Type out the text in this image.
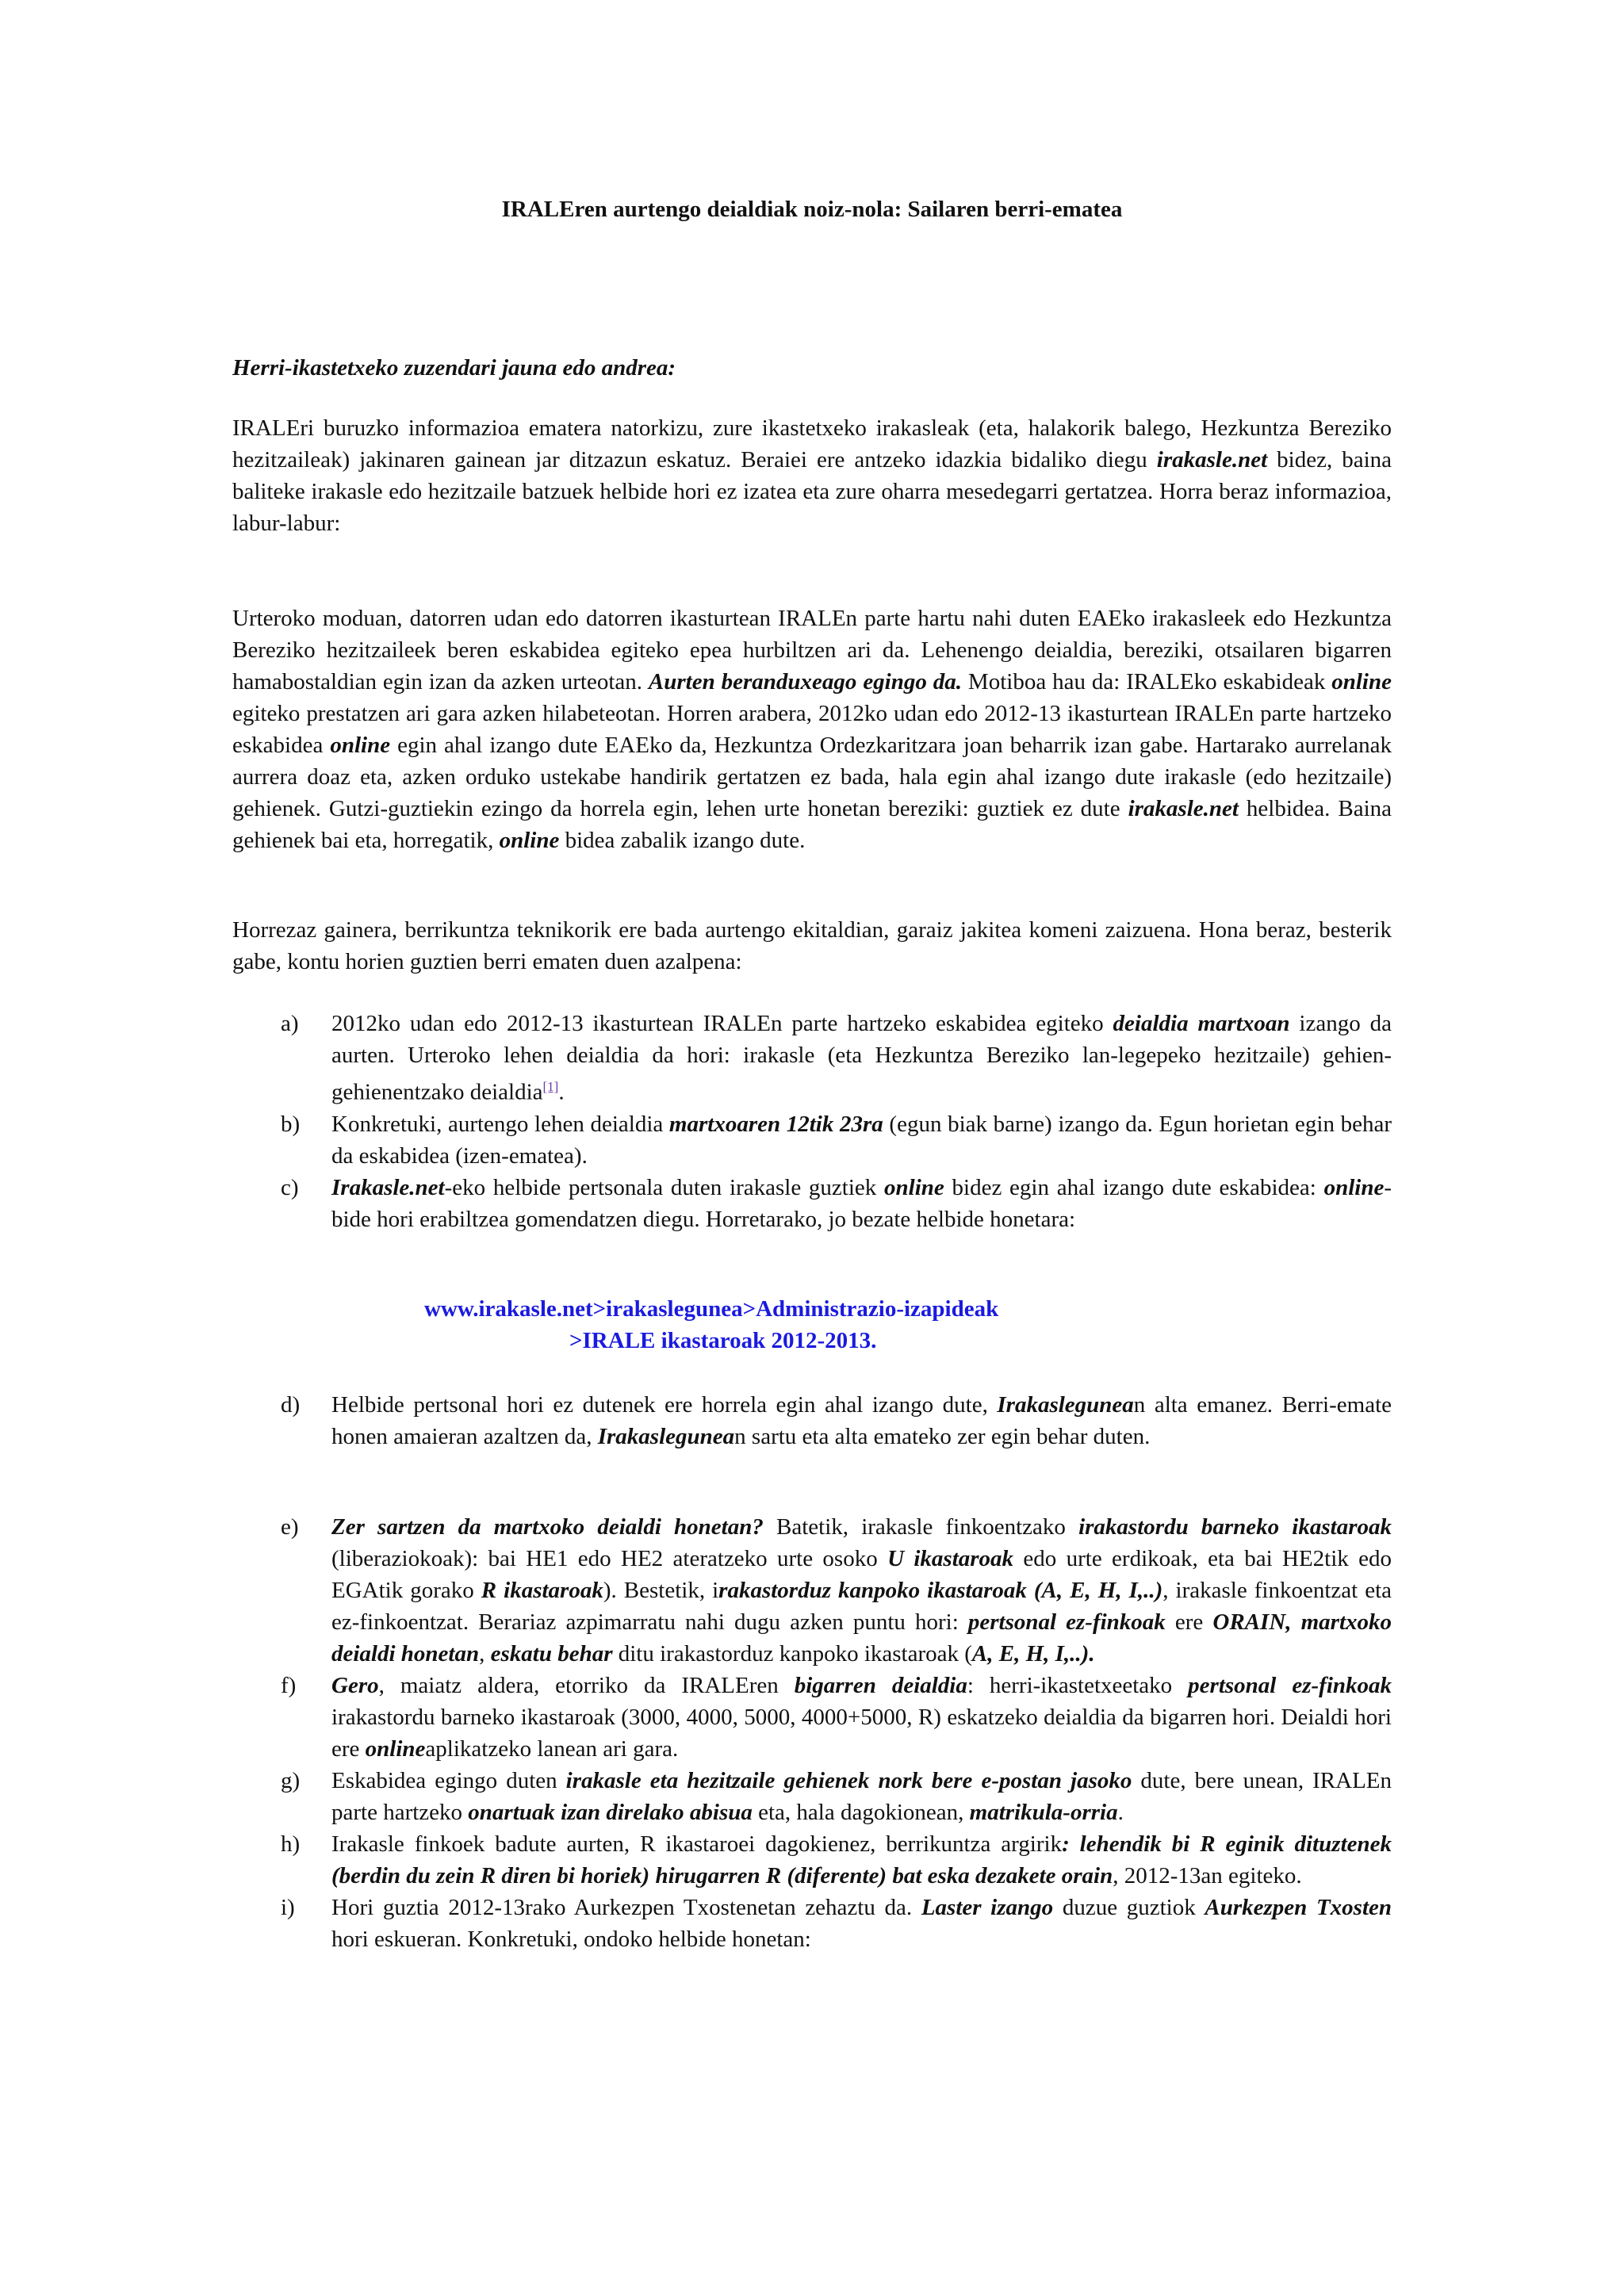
IRALEren aurtengo deialdiak noiz-nola: Sailaren berri-ematea
Herri-ikastetxeko zuzendari jauna edo andrea:
IRALEri buruzko informazioa ematera natorkizu, zure ikastetxeko irakasleak (eta, halakorik balego, Hezkuntza Bereziko hezitzaileak) jakinaren gainean jar ditzazun eskatuz. Beraiei ere antzeko idazkia bidaliko diegu irakasle.net bidez, baina baliteke irakasle edo hezitzaile batzuek helbide hori ez izatea eta zure oharra mesedegarri gertatzea. Horra beraz informazioa, labur-labur:
Urteroko moduan, datorren udan edo datorren ikasturtean IRALEn parte hartu nahi duten EAEko irakasleek edo Hezkuntza Bereziko hezitzaileek beren eskabidea egiteko epea hurbiltzen ari da. Lehenengo deialdia, bereziki, otsailaren bigarren hamabostaldian egin izan da azken urteotan. Aurten beranduxeago egingo da. Motiboa hau da: IRALEko eskabideak online egiteko prestatzen ari gara azken hilabeteotan. Horren arabera, 2012ko udan edo 2012-13 ikasturtean IRALEn parte hartzeko eskabidea online egin ahal izango dute EAEko da, Hezkuntza Ordezkaritzara joan beharrik izan gabe. Hartarako aurrelanak aurrera doaz eta, azken orduko ustekabe handirik gertatzen ez bada, hala egin ahal izango dute irakasle (edo hezitzaile) gehienek. Gutzi-guztiekin ezingo da horrela egin, lehen urte honetan bereziki: guztiek ez dute irakasle.net helbidea. Baina gehienek bai eta, horregatik, online bidea zabalik izango dute.
Horrezaz gainera, berrikuntza teknikorik ere bada aurtengo ekitaldian, garaiz jakitea komeni zaizuena. Hona beraz, besterik gabe, kontu horien guztien berri ematen duen azalpena:
a) 2012ko udan edo 2012-13 ikasturtean IRALEn parte hartzeko eskabidea egiteko deialdia martxoan izango da aurten. Urteroko lehen deialdia da hori: irakasle (eta Hezkuntza Bereziko lan-legepeko hezitzaile) gehien-gehienentzako deialdia[1].
b) Konkretuki, aurtengo lehen deialdia martxoaren 12tik 23ra (egun biak barne) izango da. Egun horietan egin behar da eskabidea (izen-ematea).
c) Irakasle.net-eko helbide pertsonala duten irakasle guztiek online bidez egin ahal izango dute eskabidea: online-bide hori erabiltzea gomendatzen diegu. Horretarako, jo bezate helbide honetara:
www.irakasle.net>irakaslegunea>Administrazio-izapideak
>IRALE ikastaroak 2012-2013.
d) Helbide pertsonal hori ez dutenek ere horrela egin ahal izango dute, Irakaslegunean alta emanez. Berri-emate honen amaieran azaltzen da, Irakaslegunean sartu eta alta emateko zer egin behar duten.
e) Zer sartzen da martxoko deialdi honetan? Batetik, irakasle finkoentzako irakastordu barneko ikastaroak (liberaziokoak): bai HE1 edo HE2 ateratzeko urte osoko U ikastaroak edo urte erdikoak, eta bai HE2tik edo EGAtik gorako R ikastaroak). Bestetik, irakastorduz kanpoko ikastaroak (A, E, H, I,..), irakasle finkoentzat eta ez-finkoentzat. Berariaz azpimarratu nahi dugu azken puntu hori: pertsonal ez-finkoak ere ORAIN, martxoko deialdi honetan, eskatu behar ditu irakastorduz kanpoko ikastaroak (A, E, H, I,..).
f) Gero, maiatz aldera, etorriko da IRALEren bigarren deialdia: herri-ikastetxeetako pertsonal ez-finkoak irakastordu barneko ikastaroak (3000, 4000, 5000, 4000+5000, R) eskatzeko deialdia da bigarren hori. Deialdi hori ere onlineaplikatzeko lanean ari gara.
g) Eskabidea egingo duten irakasle eta hezitzaile gehienek nork bere e-postan jasoko dute, bere unean, IRALEn parte hartzeko onartuak izan direlako abisua eta, hala dagokionean, matrikula-orria.
h) Irakasle finkoek badute aurten, R ikastaroei dagokienez, berrikuntza argirik: lehendik bi R eginik dituztenek (berdin du zein R diren bi horiek) hirugarren R (diferente) bat eska dezakete orain, 2012-13an egiteko.
i) Hori guztia 2012-13rako Aurkezpen Txostenetan zehaztu da. Laster izango duzue guztiok Aurkezpen Txosten hori eskueran. Konkretuki, ondoko helbide honetan:
